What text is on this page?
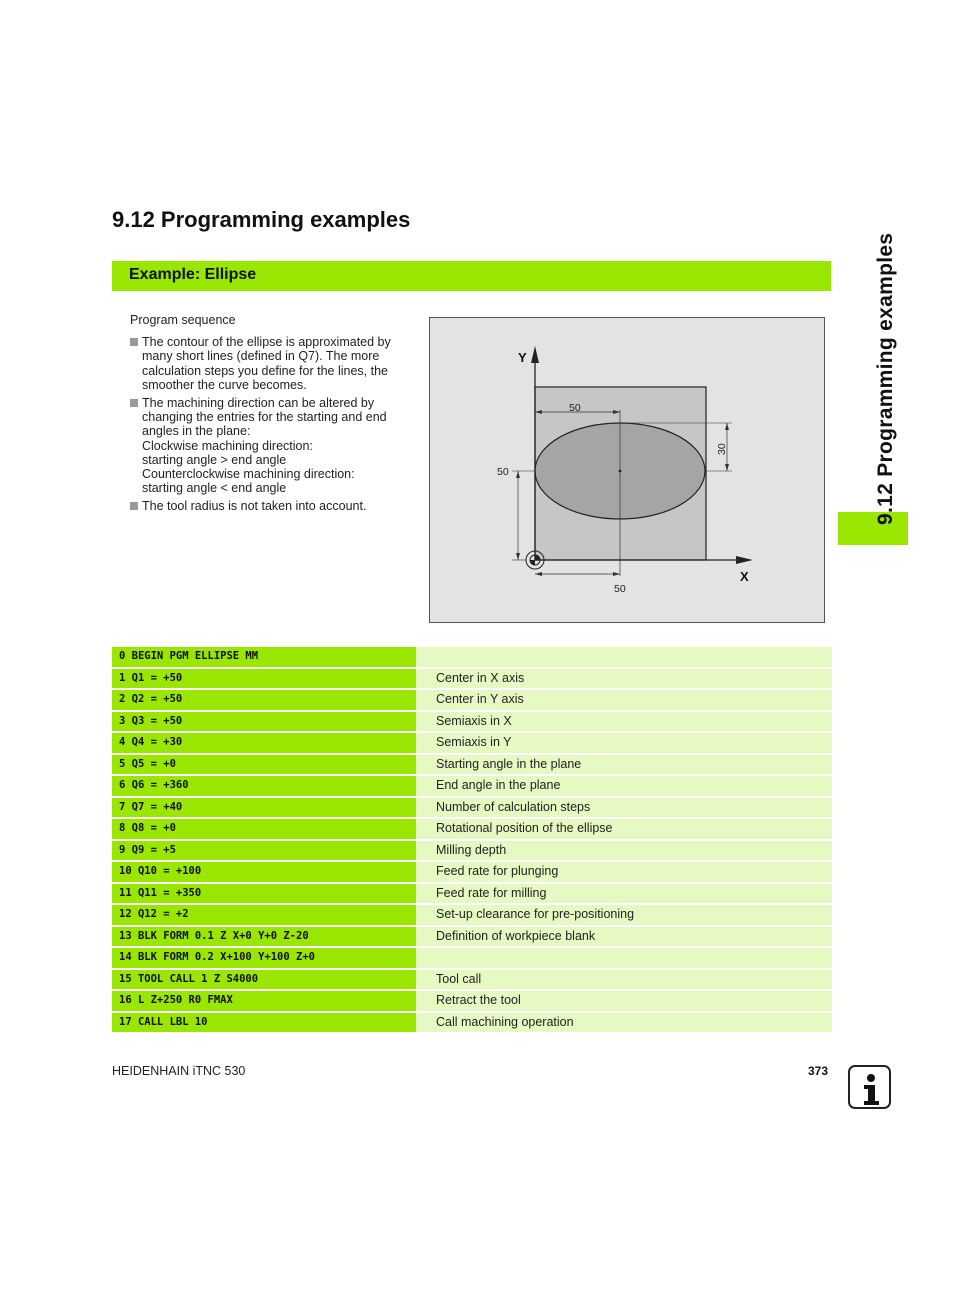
9.12 Programming examples
9.12 Programming examples
Example: Ellipse

Program sequence

The contour of the ellipse is approximated by
many short lines (defined in Q7). The more
calculation steps you define for the lines, the
smoother the curve becomes.
The machining direction can be altered by
changing the entries for the starting and end
angles in the plane:
Clockwise machining direction:
starting angle > end angle
Counterclockwise machining direction:
starting angle < end angle
The tool radius is not taken into account.
Y
X
50
30
50
50
0 BEGIN PGM ELLIPSE MM
1 Q1 = +50	Center in X axis
2 Q2 = +50	Center in Y axis
3 Q3 = +50	Semiaxis in X
4 Q4 = +30	Semiaxis in Y
5 Q5 = +0	Starting angle in the plane
6 Q6 = +360	End angle in the plane
7 Q7 = +40	Number of calculation steps
8 Q8 = +0	Rotational position of the ellipse
9 Q9 = +5	Milling depth
10 Q10 = +100	Feed rate for plunging
11 Q11 = +350	Feed rate for milling
12 Q12 = +2	Set-up clearance for pre-positioning
13 BLK FORM 0.1 Z X+0 Y+0 Z-20	Definition of workpiece blank
14 BLK FORM 0.2 X+100 Y+100 Z+0
15 TOOL CALL 1 Z S4000	Tool call
16 L Z+250 R0 FMAX	Retract the tool
17 CALL LBL 10	Call machining operation
HEIDENHAIN iTNC 530	373
